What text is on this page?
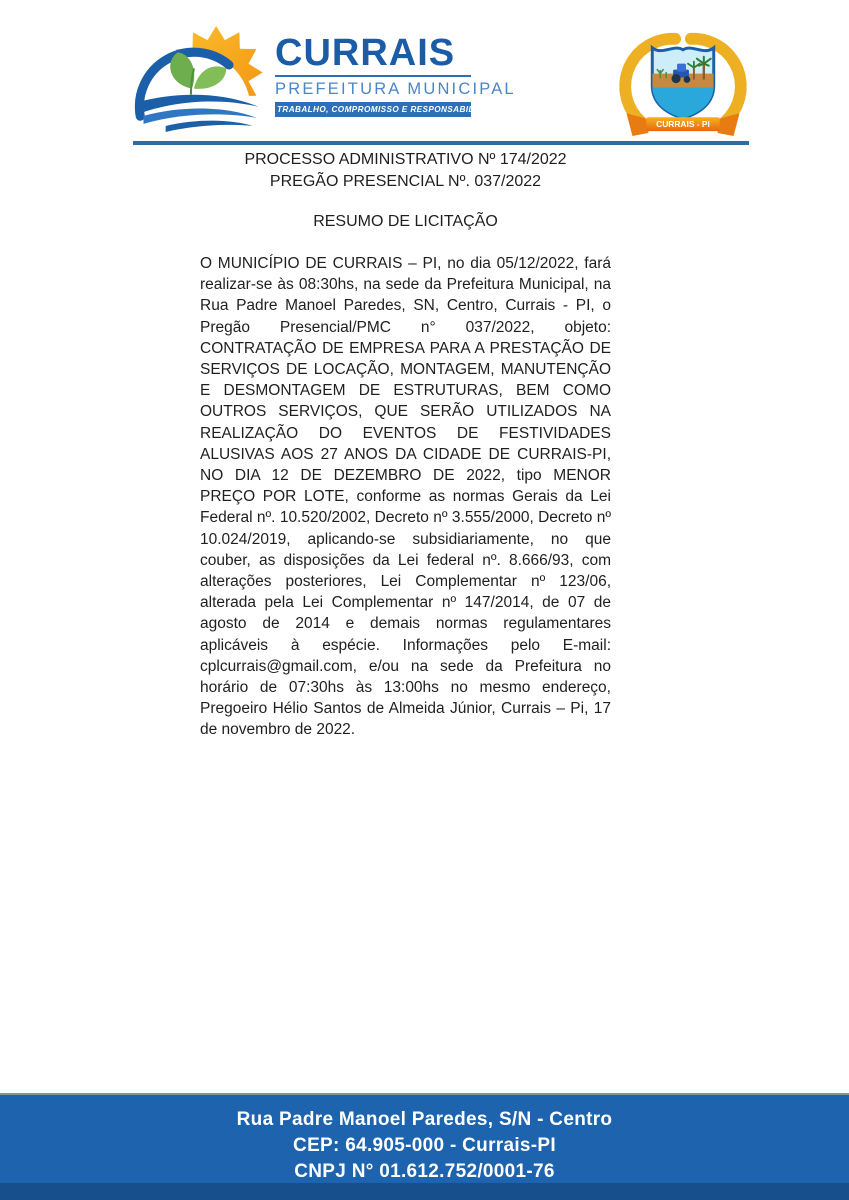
CURRAIS
PREFEITURA MUNICIPAL
TRABALHO, COMPROMISSO E RESPONSABILIDADE
CURRAIS - PI
PROCESSO ADMINISTRATIVO Nº 174/2022
PREGÃO PRESENCIAL Nº. 037/2022
RESUMO DE LICITAÇÃO

O MUNICÍPIO DE CURRAIS – PI, no dia 05/12/2022, fará realizar-se às 08:30hs, na sede da Prefeitura Municipal, na Rua Padre Manoel Paredes, SN, Centro, Currais - PI, o Pregão Presencial/PMC n° 037/2022, objeto: CONTRATAÇÃO DE EMPRESA PARA A PRESTAÇÃO DE SERVIÇOS DE LOCAÇÃO, MONTAGEM, MANUTENÇÃO E DESMONTAGEM DE ESTRUTURAS, BEM COMO OUTROS SERVIÇOS, QUE SERÃO UTILIZADOS NA REALIZAÇÃO DO EVENTOS DE FESTIVIDADES ALUSIVAS AOS 27 ANOS DA CIDADE DE CURRAIS-PI, NO DIA 12 DE DEZEMBRO DE 2022, tipo MENOR PREÇO POR LOTE, conforme as normas Gerais da Lei Federal nº. 10.520/2002, Decreto nº 3.555/2000, Decreto nº 10.024/2019, aplicando-se subsidiariamente, no que couber, as disposições da Lei federal nº. 8.666/93, com alterações posteriores, Lei Complementar nº 123/06, alterada pela Lei Complementar nº 147/2014, de 07 de agosto de 2014 e demais normas regulamentares aplicáveis à espécie. Informações pelo E-mail: cplcurrais@gmail.com, e/ou na sede da Prefeitura no horário de 07:30hs às 13:00hs no mesmo endereço, Pregoeiro Hélio Santos de Almeida Júnior, Currais – Pi, 17 de novembro de 2022.

Rua Padre Manoel Paredes, S/N - Centro
CEP: 64.905-000 - Currais-PI
CNPJ N° 01.612.752/0001-76
